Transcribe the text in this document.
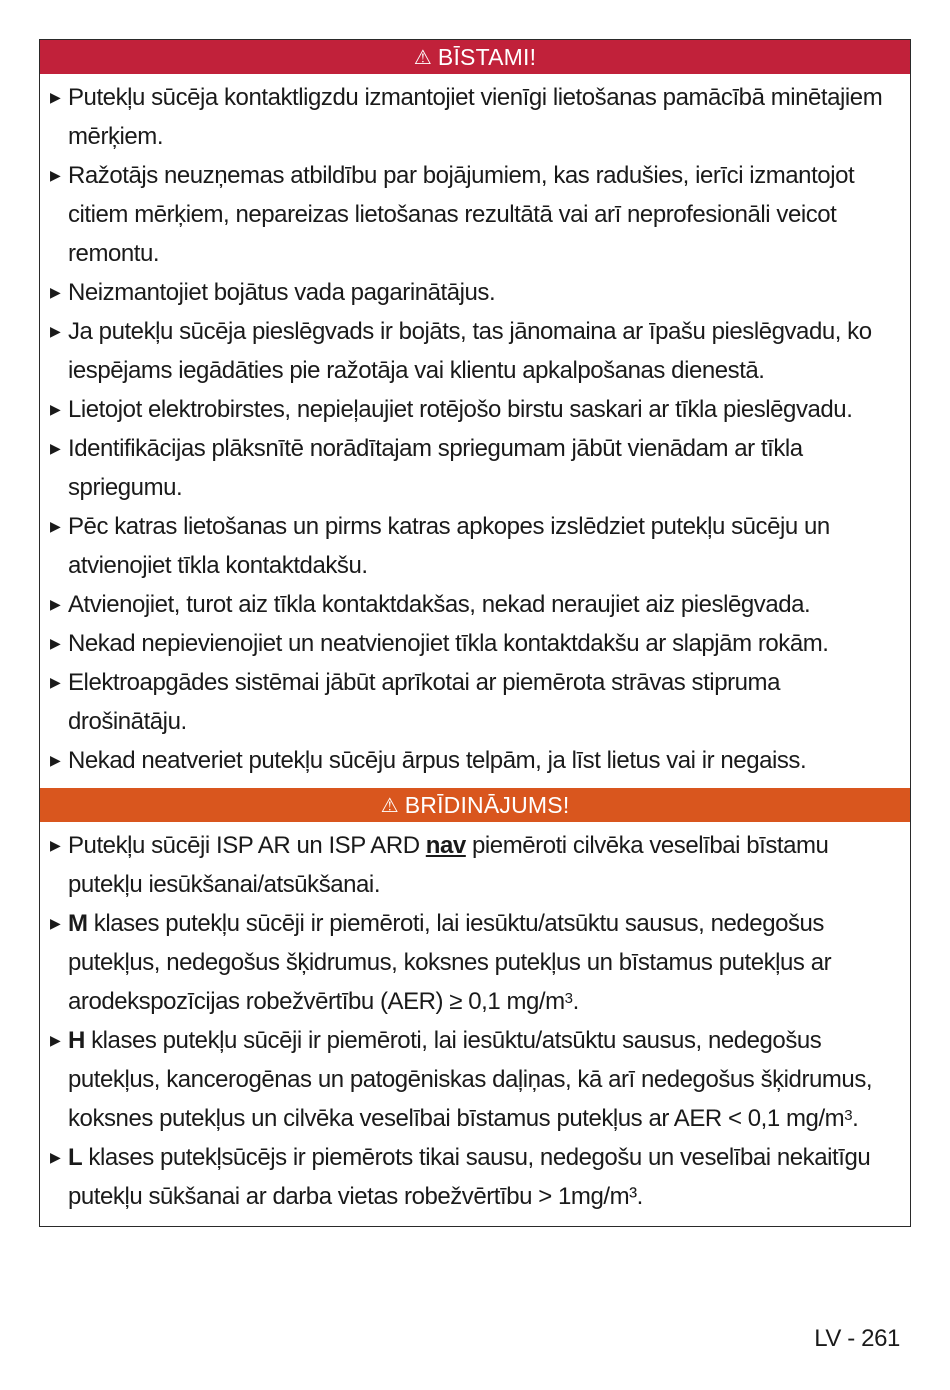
⚠ BĪSTAMI!
▶ Putekļu sūcēja kontaktligzdu izmantojiet vienīgi lietošanas pamācībā minētajiem mērķiem.
▶ Ražotājs neuzņemas atbildību par bojājumiem, kas radušies, ierīci izmantojot citiem mērķiem, nepareizas lietošanas rezultātā vai arī neprofesionāli veicot remontu.
▶ Neizmantojiet bojātus vada pagarinātājus.
▶ Ja putekļu sūcēja pieslēgvads ir bojāts, tas jānomaina ar īpašu pieslēgvadu, ko iespējams iegādāties pie ražotāja vai klientu apkalpošanas dienestā.
▶ Lietojot elektrobirstes, nepieļaujiet rotējošo birstu saskari ar tīkla pieslēgvadu.
▶ Identifikācijas plāksnītē norādītajam spriegumam jābūt vienādam ar tīkla spriegumu.
▶ Pēc katras lietošanas un pirms katras apkopes izslēdziet putekļu sūcēju un atvienojiet tīkla kontaktdakšu.
▶ Atvienojiet, turot aiz tīkla kontaktdakšas, nekad neraujiet aiz pieslēgvada.
▶ Nekad nepievienojiet un neatvienojiet tīkla kontaktdakšu ar slapjām rokām.
▶ Elektroapgādes sistēmai jābūt aprīkotai ar piemērota strāvas stipruma drošinātāju.
▶ Nekad neatveriet putekļu sūcēju ārpus telpām, ja līst lietus vai ir negaiss.
⚠ BRĪDINĀJUMS!
▶ Putekļu sūcēji ISP AR un ISP ARD nav piemēroti cilvēka veselībai bīstamu putekļu iesūkšanai/atsūkšanai.
▶ M klases putekļu sūcēji ir piemēroti, lai iesūktu/atsūktu sausus, nedegošus putekļus, nedegošus šķidrumus, koksnes putekļus un bīstamus putekļus ar arodekspozīcijas robežvērtību (AER) ≥ 0,1 $mg/m^3$.
▶ H klases putekļu sūcēji ir piemēroti, lai iesūktu/atsūktu sausus, nedegošus putekļus, kancerogēnas un patogēniskas daļiņas, kā arī nedegošus šķidrumus, koksnes putekļus un cilvēka veselībai bīstamus putekļus ar AER < 0,1 $mg/m^3$.
▶ L klases putekļsūcējs ir piemērots tikai sausu, nedegošu un veselībai nekaitīgu putekļu sūkšanai ar darba vietas robežvērtību > 1mg/m³.
LV - 261
